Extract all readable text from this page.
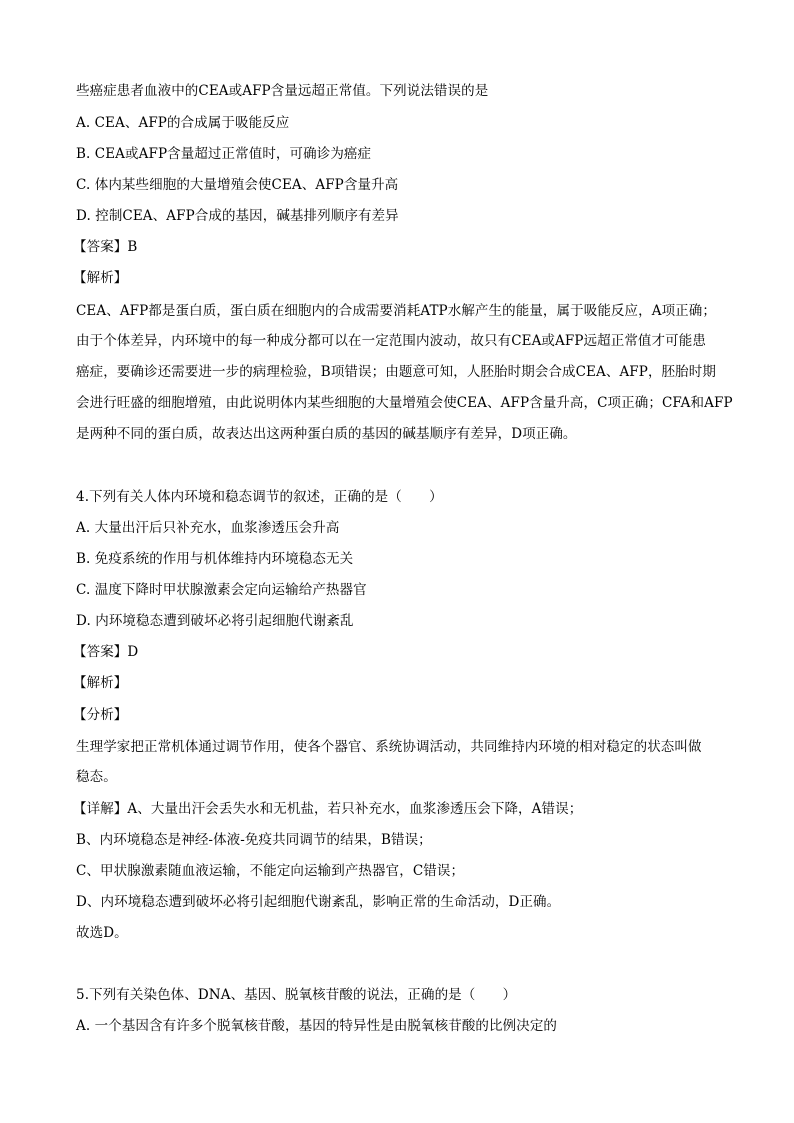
些癌症患者血液中的CEA或AFP含量远超正常值。下列说法错误的是
A. CEA、AFP的合成属于吸能反应
B. CEA或AFP含量超过正常值时，可确诊为癌症
C. 体内某些细胞的大量增殖会使CEA、AFP含量升高
D. 控制CEA、AFP合成的基因，碱基排列顺序有差异
【答案】B
【解析】
CEA、AFP都是蛋白质，蛋白质在细胞内的合成需要消耗ATP水解产生的能量，属于吸能反应，A项正确；
由于个体差异，内环境中的每一种成分都可以在一定范围内波动，故只有CEA或AFP远超正常值才可能患
癌症，要确诊还需要进一步的病理检验，B项错误；由题意可知，人胚胎时期会合成CEA、AFP，胚胎时期
会进行旺盛的细胞增殖，由此说明体内某些细胞的大量增殖会使CEA、AFP含量升高，C项正确；CFA和AFP
是两种不同的蛋白质，故表达出这两种蛋白质的基因的碱基顺序有差异，D项正确。
4.下列有关人体内环境和稳态调节的叙述，正确的是（　　）
A. 大量出汗后只补充水，血浆渗透压会升高
B. 免疫系统的作用与机体维持内环境稳态无关
C. 温度下降时甲状腺激素会定向运输给产热器官
D. 内环境稳态遭到破坏必将引起细胞代谢紊乱
【答案】D
【解析】
【分析】
生理学家把正常机体通过调节作用，使各个器官、系统协调活动，共同维持内环境的相对稳定的状态叫做
稳态。
【详解】A、大量出汗会丢失水和无机盐，若只补充水，血浆渗透压会下降，A错误；
B、内环境稳态是神经-体液-免疫共同调节的结果，B错误；
C、甲状腺激素随血液运输，不能定向运输到产热器官，C错误；
D、内环境稳态遭到破坏必将引起细胞代谢紊乱，影响正常的生命活动，D正确。
故选D。
5.下列有关染色体、DNA、基因、脱氧核苷酸的说法，正确的是（　　）
A. 一个基因含有许多个脱氧核苷酸，基因的特异性是由脱氧核苷酸的比例决定的
